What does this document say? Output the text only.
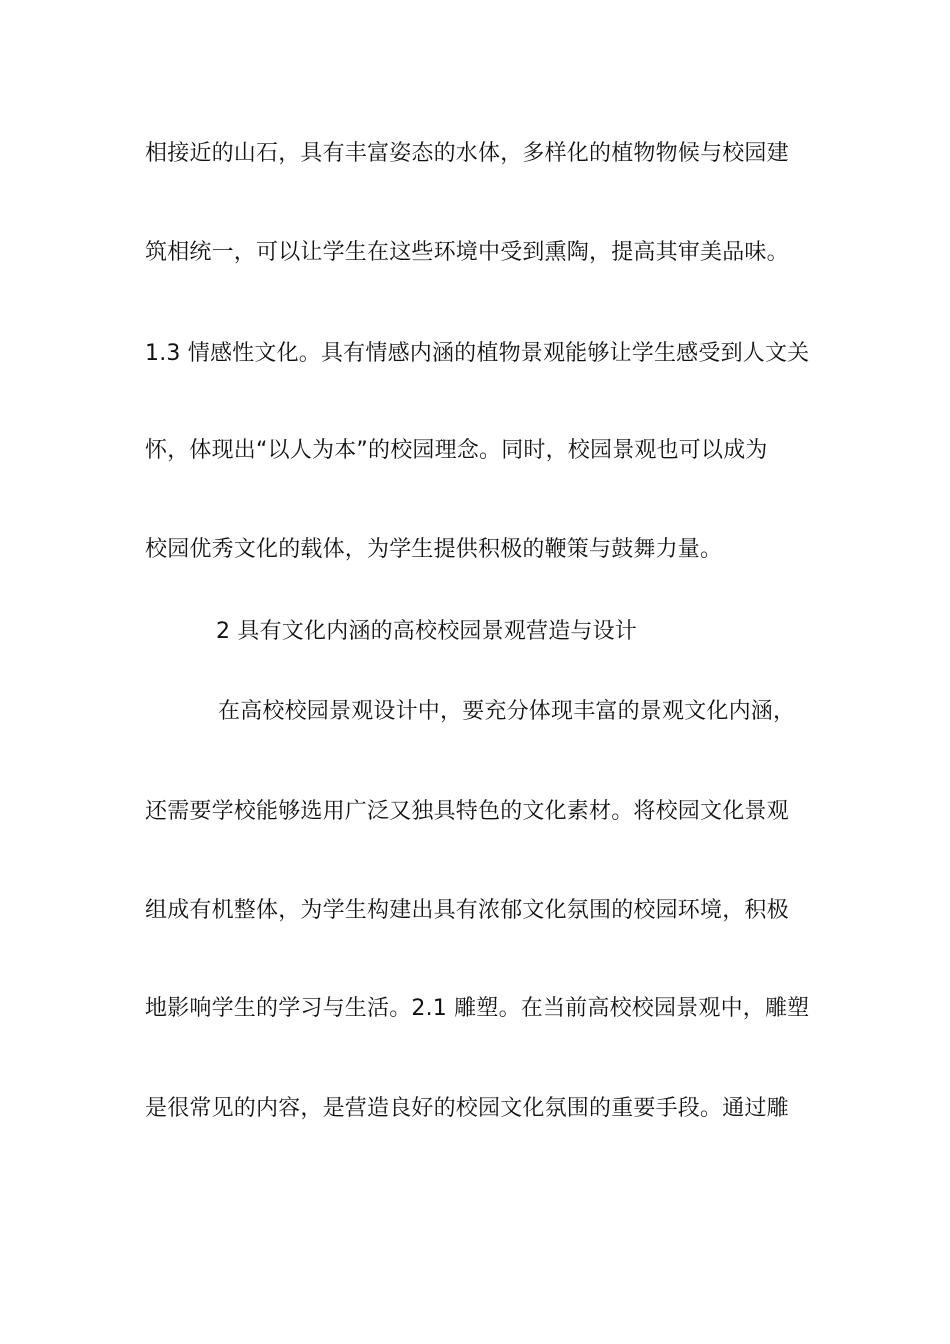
相接近的山石，具有丰富姿态的水体，多样化的植物物候与校园建
筑相统一，可以让学生在这些环境中受到熏陶，提高其审美品味。
1.3 情感性文化。具有情感内涵的植物景观能够让学生感受到人文关
怀，体现出“以人为本”的校园理念。同时，校园景观也可以成为
校园优秀文化的载体，为学生提供积极的鞭策与鼓舞力量。
2 具有文化内涵的高校校园景观营造与设计
在高校校园景观设计中，要充分体现丰富的景观文化内涵，
还需要学校能够选用广泛又独具特色的文化素材。将校园文化景观
组成有机整体，为学生构建出具有浓郁文化氛围的校园环境，积极
地影响学生的学习与生活。2.1 雕塑。在当前高校校园景观中，雕塑
是很常见的内容，是营造良好的校园文化氛围的重要手段。通过雕
